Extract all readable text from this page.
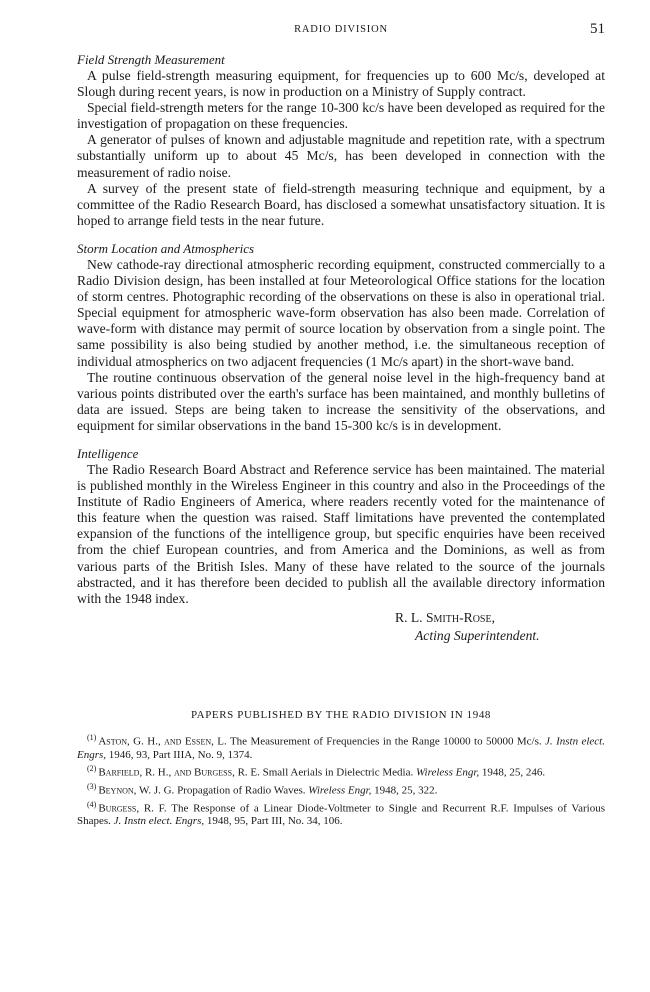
RADIO DIVISION	51
Field Strength Measurement

A pulse field-strength measuring equipment, for frequencies up to 600 Mc/s, developed at Slough during recent years, is now in production on a Ministry of Supply contract.

Special field-strength meters for the range 10-300 kc/s have been developed as required for the investigation of propagation on these frequencies.

A generator of pulses of known and adjustable magnitude and repetition rate, with a spectrum substantially uniform up to about 45 Mc/s, has been developed in connection with the measurement of radio noise.

A survey of the present state of field-strength measuring technique and equipment, by a committee of the Radio Research Board, has disclosed a somewhat unsatisfactory situation. It is hoped to arrange field tests in the near future.

Storm Location and Atmospherics

New cathode-ray directional atmospheric recording equipment, constructed commercially to a Radio Division design, has been installed at four Meteorological Office stations for the location of storm centres. Photographic recording of the observations on these is also in operational trial. Special equipment for atmospheric wave-form observation has also been made. Correlation of wave-form with distance may permit of source location by observation from a single point. The same possibility is also being studied by another method, i.e. the simultaneous reception of individual atmospherics on two adjacent frequencies (1 Mc/s apart) in the short-wave band.

The routine continuous observation of the general noise level in the high-frequency band at various points distributed over the earth's surface has been maintained, and monthly bulletins of data are issued. Steps are being taken to increase the sensitivity of the observations, and equipment for similar observations in the band 15-300 kc/s is in development.

Intelligence

The Radio Research Board Abstract and Reference service has been maintained. The material is published monthly in the Wireless Engineer in this country and also in the Proceedings of the Institute of Radio Engineers of America, where readers recently voted for the maintenance of this feature when the question was raised. Staff limitations have prevented the contemplated expansion of the functions of the intelligence group, but specific enquiries have been received from the chief European countries, and from America and the Dominions, as well as from various parts of the British Isles. Many of these have related to the source of the journals abstracted, and it has therefore been decided to publish all the available directory information with the 1948 index.

R. L. Smith-Rose,
Acting Superintendent.
PAPERS PUBLISHED BY THE RADIO DIVISION IN 1948
$^{(1)}$ Aston, G. H., and Essen, L. The Measurement of Frequencies in the Range 10000 to 50000 Mc/s. J. Instn elect. Engrs, 1946, 93, Part IIIA, No. 9, 1374.
$^{(2)}$ Barfield, R. H., and Burgess, R. E. Small Aerials in Dielectric Media. Wireless Engr, 1948, 25, 246.
$^{(3)}$ Beynon, W. J. G. Propagation of Radio Waves. Wireless Engr, 1948, 25, 322.
$^{(4)}$ Burgess, R. F. The Response of a Linear Diode-Voltmeter to Single and Recurrent R.F. Impulses of Various Shapes. J. Instn elect. Engrs, 1948, 95, Part III, No. 34, 106.
